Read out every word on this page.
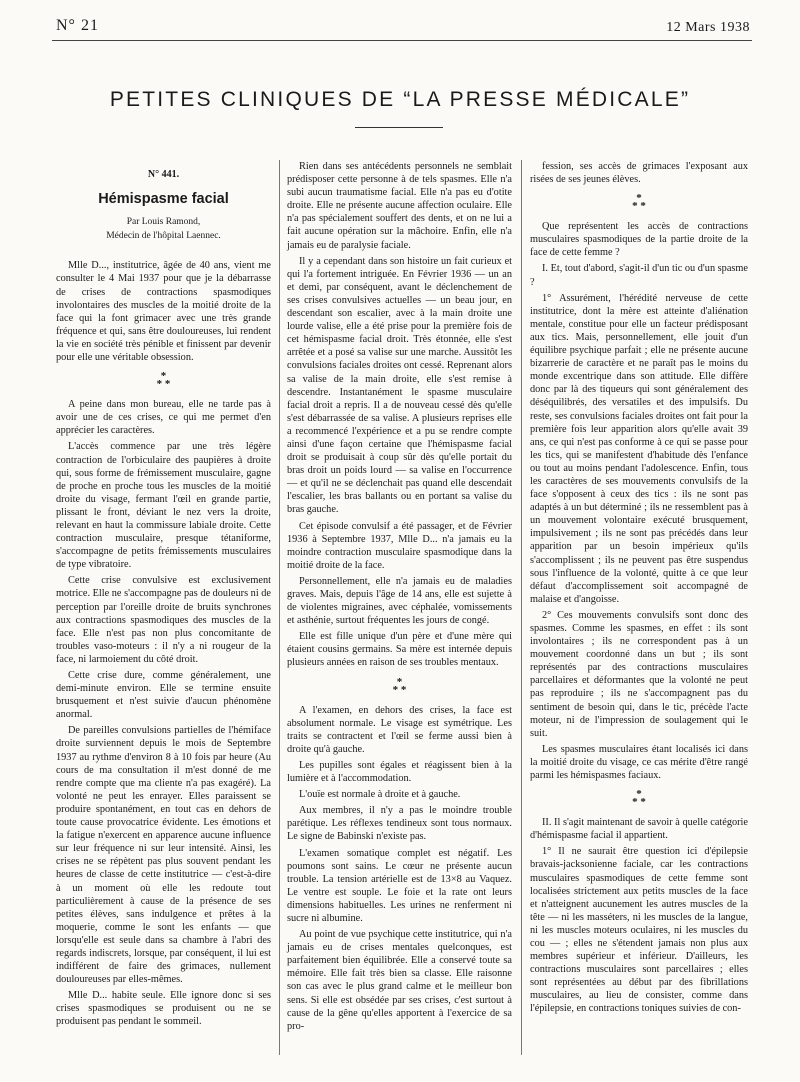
N° 21	12 Mars 1938
PETITES CLINIQUES DE “LA PRESSE MÉDICALE”

N° 441.

Hémispasme facial

Par Louis Ramond,

Médecin de l'hôpital Laennec.

Mlle D..., institutrice, âgée de 40 ans, vient me consulter le 4 Mai 1937 pour que je la débarrasse de crises de contractions spasmodiques involontaires des muscles de la moitié droite de la face qui la font grimacer avec une très grande fréquence et qui, sans être douloureuses, lui rendent la vie en société très pénible et finissent par devenir pour elle une véritable obsession.

*
* *

A peine dans mon bureau, elle ne tarde pas à avoir une de ces crises, ce qui me permet d'en apprécier les caractères.

L'accès commence par une très légère contraction de l'orbiculaire des paupières à droite qui, sous forme de frémissement musculaire, gagne de proche en proche tous les muscles de la moitié droite du visage, fermant l'œil en grande partie, plissant le front, déviant le nez vers la droite, relevant en haut la commissure labiale droite. Cette contraction musculaire, presque tétaniforme, s'accompagne de petits frémissements musculaires de type vibratoire.

Cette crise convulsive est exclusivement motrice. Elle ne s'accompagne pas de douleurs ni de perception par l'oreille droite de bruits synchrones aux contractions spasmodiques des muscles de la face. Elle n'est pas non plus concomitante de troubles vaso-moteurs : il n'y a ni rougeur de la face, ni larmoiement du côté droit.

Cette crise dure, comme généralement, une demi-minute environ. Elle se termine ensuite brusquement et n'est suivie d'aucun phénomène anormal.

De pareilles convulsions partielles de l'hémiface droite surviennent depuis le mois de Septembre 1937 au rythme d'environ 8 à 10 fois par heure (Au cours de ma consultation il m'est donné de me rendre compte que ma cliente n'a pas exagéré). La volonté ne peut les enrayer. Elles paraissent se produire spontanément, en tout cas en dehors de toute cause provocatrice évidente. Les émotions et la fatigue n'exercent en apparence aucune influence sur leur fréquence ni sur leur intensité. Ainsi, les crises ne se répètent pas plus souvent pendant les heures de classe de cette institutrice — c'est-à-dire à un moment où elle les redoute tout particulièrement à cause de la présence de ses petites élèves, sans indulgence et prêtes à la moquerie, comme le sont les enfants — que lorsqu'elle est seule dans sa chambre à l'abri des regards indiscrets, lorsque, par conséquent, il lui est indifférent de faire des grimaces, nullement douloureuses par elles-mêmes.

Mlle D... habite seule. Elle ignore donc si ses crises spasmodiques se produisent ou ne se produisent pas pendant le sommeil.

Rien dans ses antécédents personnels ne semblait prédisposer cette personne à de tels spasmes. Elle n'a subi aucun traumatisme facial. Elle n'a pas eu d'otite droite. Elle ne présente aucune affection oculaire. Elle n'a pas spécialement souffert des dents, et on ne lui a fait aucune opération sur la mâchoire. Enfin, elle n'a jamais eu de paralysie faciale.

Il y a cependant dans son histoire un fait curieux et qui l'a fortement intriguée. En Février 1936 — un an et demi, par conséquent, avant le déclenchement de ses crises convulsives actuelles — un beau jour, en descendant son escalier, avec à la main droite une lourde valise, elle a été prise pour la première fois de cet hémispasme facial droit. Très étonnée, elle s'est arrêtée et a posé sa valise sur une marche. Aussitôt les convulsions faciales droites ont cessé. Reprenant alors sa valise de la main droite, elle s'est remise à descendre. Instantanément le spasme musculaire facial droit a repris. Il a de nouveau cessé dès qu'elle s'est débarrassée de sa valise. A plusieurs reprises elle a recommencé l'expérience et a pu se rendre compte ainsi d'une façon certaine que l'hémispasme facial droit se produisait à coup sûr dès qu'elle portait du bras droit un poids lourd — sa valise en l'occurrence — et qu'il ne se déclenchait pas quand elle descendait l'escalier, les bras ballants ou en portant sa valise du bras gauche.

Cet épisode convulsif a été passager, et de Février 1936 à Septembre 1937, Mlle D... n'a jamais eu la moindre contraction musculaire spasmodique dans la moitié droite de la face.

Personnellement, elle n'a jamais eu de maladies graves. Mais, depuis l'âge de 14 ans, elle est sujette à de violentes migraines, avec céphalée, vomissements et asthénie, surtout fréquentes les jours de congé.

Elle est fille unique d'un père et d'une mère qui étaient cousins germains. Sa mère est internée depuis plusieurs années en raison de ses troubles mentaux.

*
* *

A l'examen, en dehors des crises, la face est absolument normale. Le visage est symétrique. Les traits se contractent et l'œil se ferme aussi bien à droite qu'à gauche.

Les pupilles sont égales et réagissent bien à la lumière et à l'accommodation.

L'ouïe est normale à droite et à gauche.

Aux membres, il n'y a pas le moindre trouble parétique. Les réflexes tendineux sont tous normaux. Le signe de Babinski n'existe pas.

L'examen somatique complet est négatif. Les poumons sont sains. Le cœur ne présente aucun trouble. La tension artérielle est de 13×8 au Vaquez. Le ventre est souple. Le foie et la rate ont leurs dimensions habituelles. Les urines ne renferment ni sucre ni albumine.

Au point de vue psychique cette institutrice, qui n'a jamais eu de crises mentales quelconques, est parfaitement bien équilibrée. Elle a conservé toute sa mémoire. Elle fait très bien sa classe. Elle raisonne son cas avec le plus grand calme et le meilleur bon sens. Si elle est obsédée par ses crises, c'est surtout à cause de la gêne qu'elles apportent à l'exercice de sa pro-

fession, ses accès de grimaces l'exposant aux risées de ses jeunes élèves.

*
* *

Que représentent les accès de contractions musculaires spasmodiques de la partie droite de la face de cette femme ?

I. Et, tout d'abord, s'agit-il d'un tic ou d'un spasme ?

1° Assurément, l'hérédité nerveuse de cette institutrice, dont la mère est atteinte d'aliénation mentale, constitue pour elle un facteur prédisposant aux tics. Mais, personnellement, elle jouit d'un équilibre psychique parfait ; elle ne présente aucune bizarrerie de caractère et ne paraît pas le moins du monde excentrique dans son attitude. Elle diffère donc par là des tiqueurs qui sont généralement des déséquilibrés, des versatiles et des impulsifs. Du reste, ses convulsions faciales droites ont fait pour la première fois leur apparition alors qu'elle avait 39 ans, ce qui n'est pas conforme à ce qui se passe pour les tics, qui se manifestent d'habitude dès l'enfance ou tout au moins pendant l'adolescence. Enfin, tous les caractères de ses mouvements convulsifs de la face s'opposent à ceux des tics : ils ne sont pas adaptés à un but déterminé ; ils ne ressemblent pas à un mouvement volontaire exécuté brusquement, impulsivement ; ils ne sont pas précédés dans leur apparition par un besoin impérieux qu'ils s'accomplissent ; ils ne peuvent pas être suspendus sous l'influence de la volonté, quitte à ce que leur défaut d'accomplissement soit accompagné de malaise et d'angoisse.

2° Ces mouvements convulsifs sont donc des spasmes. Comme les spasmes, en effet : ils sont involontaires ; ils ne correspondent pas à un mouvement coordonné dans un but ; ils sont représentés par des contractions musculaires parcellaires et déformantes que la volonté ne peut pas reproduire ; ils ne s'accompagnent pas du sentiment de besoin qui, dans le tic, précède l'acte moteur, ni de l'impression de soulagement qui le suit.

Les spasmes musculaires étant localisés ici dans la moitié droite du visage, ce cas mérite d'être rangé parmi les hémispasmes faciaux.

*
* *

II. Il s'agit maintenant de savoir à quelle catégorie d'hémispasme facial il appartient.

1° Il ne saurait être question ici d'épilepsie bravais-jacksonienne faciale, car les contractions musculaires spasmodiques de cette femme sont localisées strictement aux petits muscles de la face et n'atteignent aucunement les autres muscles de la tête — ni les masséters, ni les muscles de la langue, ni les muscles moteurs oculaires, ni les muscles du cou — ; elles ne s'étendent jamais non plus aux membres supérieur et inférieur. D'ailleurs, les contractions musculaires sont parcellaires ; elles sont représentées au début par des fibrillations musculaires, au lieu de consister, comme dans l'épilepsie, en contractions toniques suivies de con-
